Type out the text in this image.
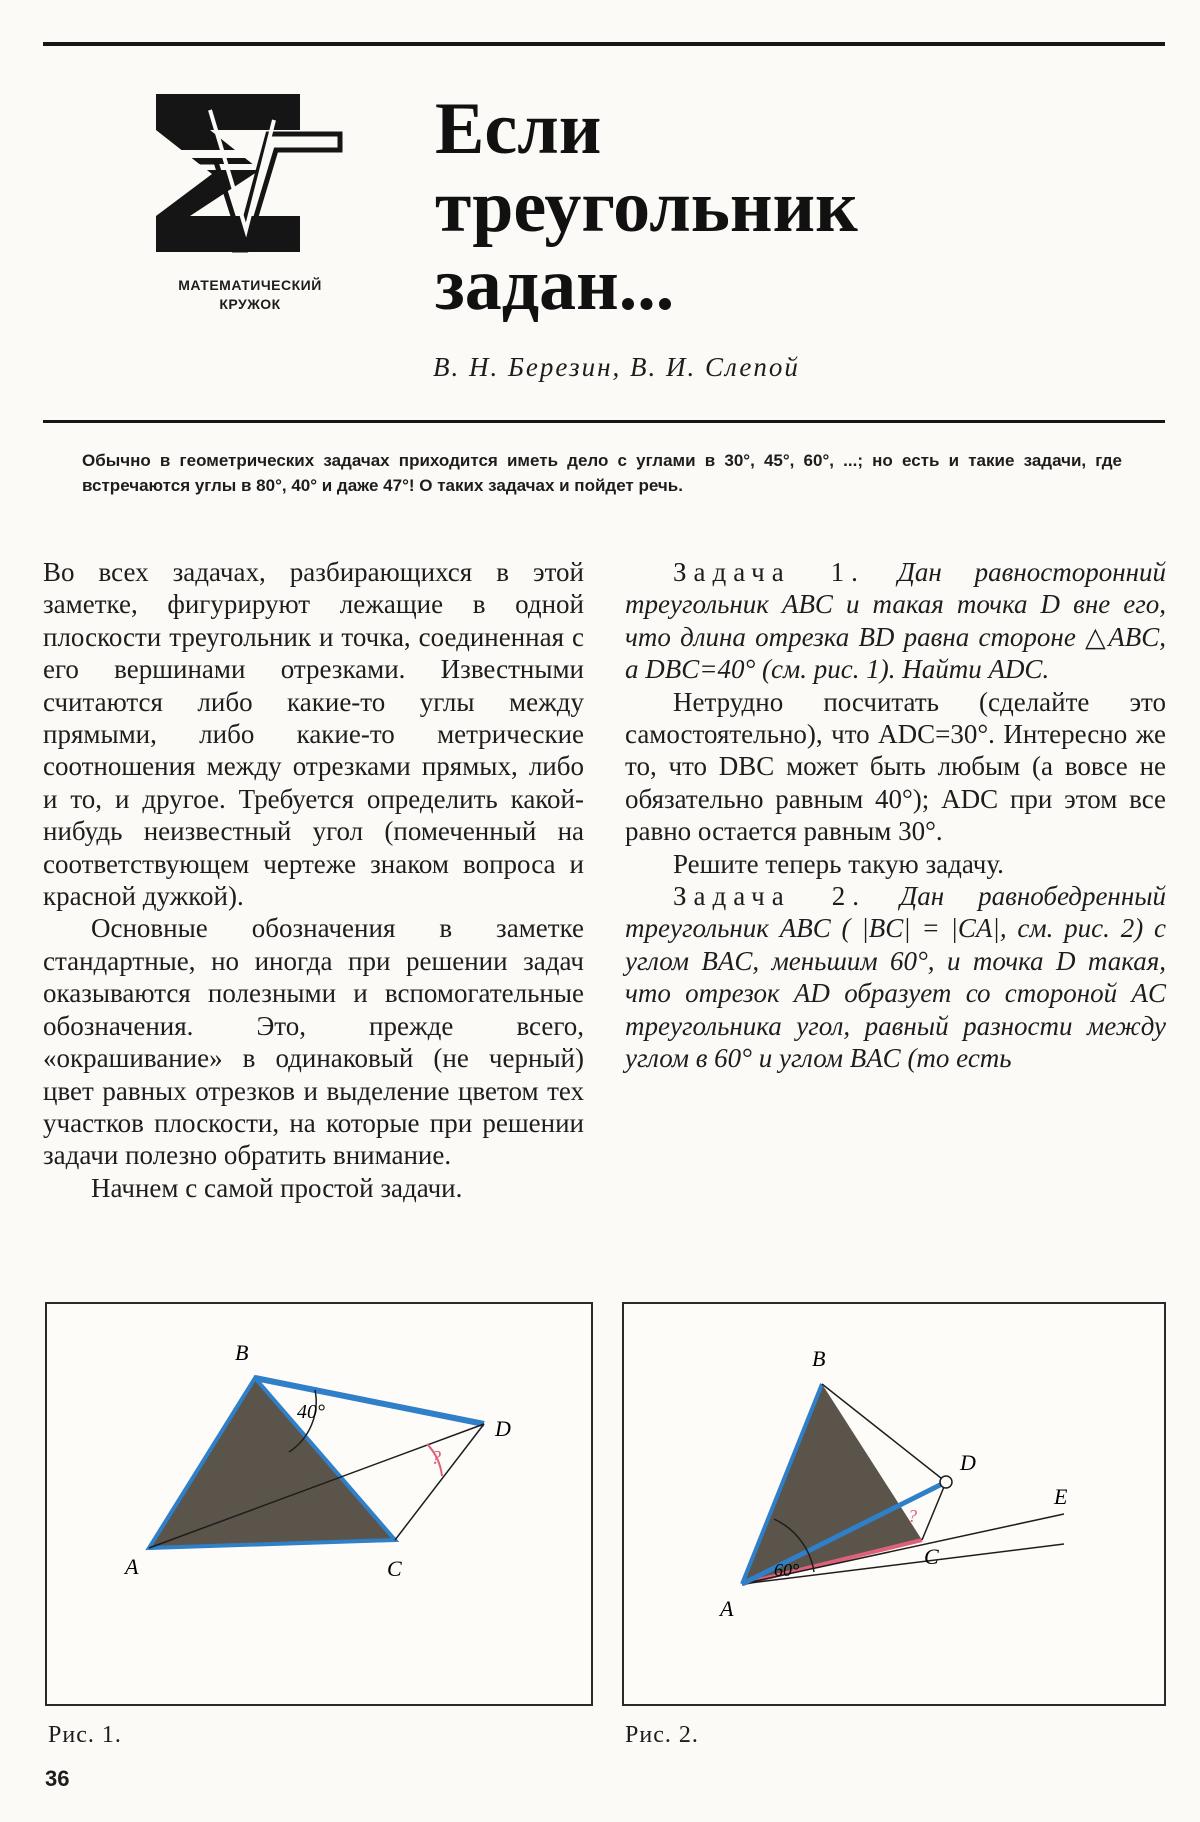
МАТЕМАТИЧЕСКИЙ
КРУЖОК
Если
треугольник
задан...
В. Н. Березин, В. И. Слепой
Обычно в геометрических задачах приходится иметь дело с углами в 30°, 45°, 60°, ...; но есть и такие задачи, где встречаются углы в 80°, 40° и даже 47°! О таких задачах и пойдет речь.

Во всех задачах, разбирающихся в этой заметке, фигурируют лежащие в одной плоскости треугольник и точка, соединенная с его вершинами отрезками. Известными считаются либо какие-то углы между прямыми, либо какие-то метрические соотношения между отрезками прямых, либо и то, и другое. Требуется определить какой-нибудь неизвестный угол (помеченный на соответствующем чертеже знаком вопроса и красной дужкой).

Основные обозначения в заметке стандартные, но иногда при решении задач оказываются полезными и вспомогательные обозначения. Это, прежде всего, «окрашивание» в одинаковый (не черный) цвет равных отрезков и выделение цветом тех участков плоскости, на которые при решении задачи полезно обратить внимание.

Начнем с самой простой задачи.

Задача 1. Дан равносторонний треугольник ABC и такая точка D вне его, что длина отрезка BD равна стороне △ABC, а DBC=40° (см. рис. 1). Найти ADC.

Нетрудно посчитать (сделайте это самостоятельно), что ADC=30°. Интересно же то, что DBC может быть любым (а вовсе не обязательно равным 40°); ADC при этом все равно остается равным 30°.

Решите теперь такую задачу.

Задача 2. Дан равнобедренный треугольник ABC ( |BC| = |CA|, см. рис. 2) с углом BAC, меньшим 60°, и точка D такая, что отрезок AD образует со стороной AC треугольника угол, равный разности между углом в 60° и углом BAC (то есть

40°
?
B
A	C
D
Рис. 1.
60°
?
B
A
C
D
E
Рис. 2.
36
